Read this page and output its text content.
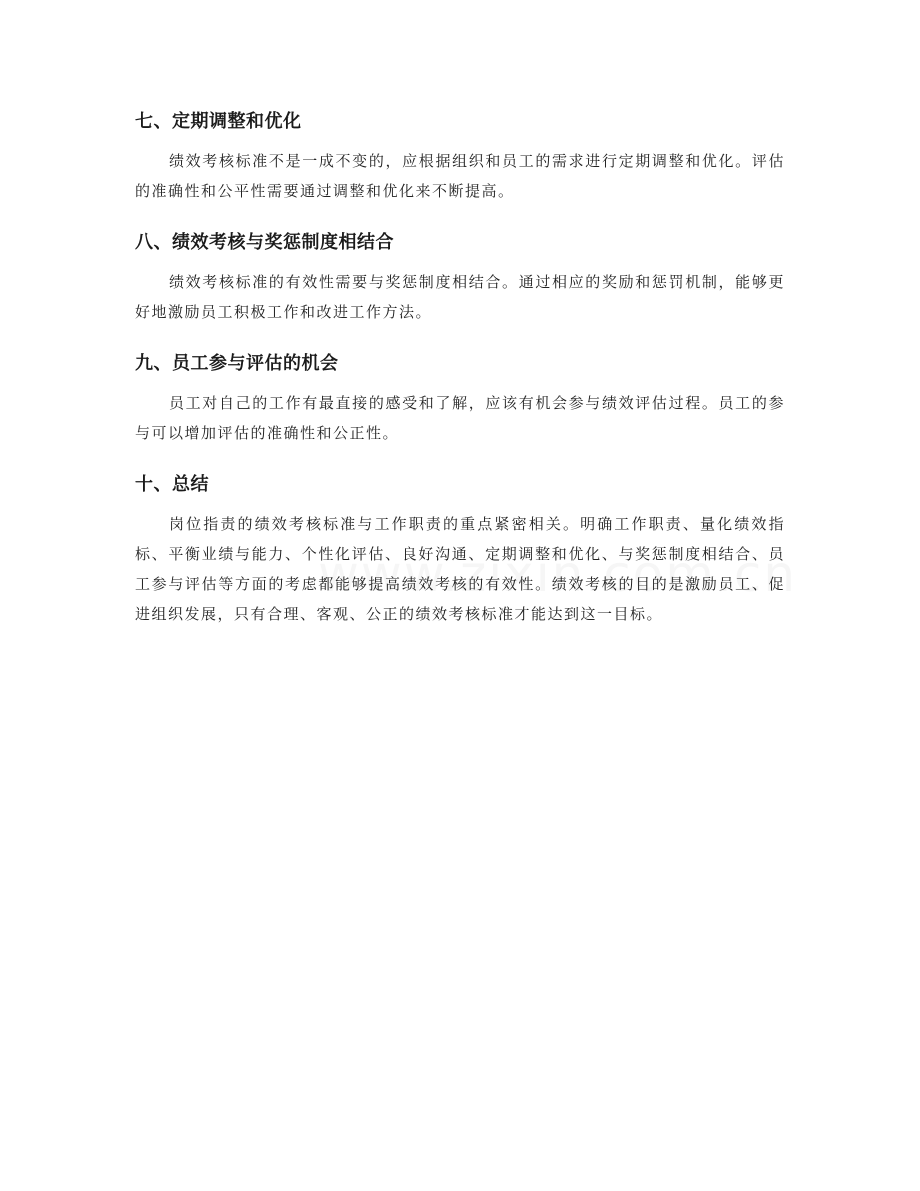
七、定期调整和优化

绩效考核标准不是一成不变的，应根据组织和员工的需求进行定期调整和优化。评估的准确性和公平性需要通过调整和优化来不断提高。

八、绩效考核与奖惩制度相结合

绩效考核标准的有效性需要与奖惩制度相结合。通过相应的奖励和惩罚机制，能够更好地激励员工积极工作和改进工作方法。

九、员工参与评估的机会

员工对自己的工作有最直接的感受和了解，应该有机会参与绩效评估过程。员工的参与可以增加评估的准确性和公正性。

十、总结

岗位指责的绩效考核标准与工作职责的重点紧密相关。明确工作职责、量化绩效指标、平衡业绩与能力、个性化评估、良好沟通、定期调整和优化、与奖惩制度相结合、员工参与评估等方面的考虑都能够提高绩效考核的有效性。绩效考核的目的是激励员工、促进组织发展，只有合理、客观、公正的绩效考核标准才能达到这一目标。
